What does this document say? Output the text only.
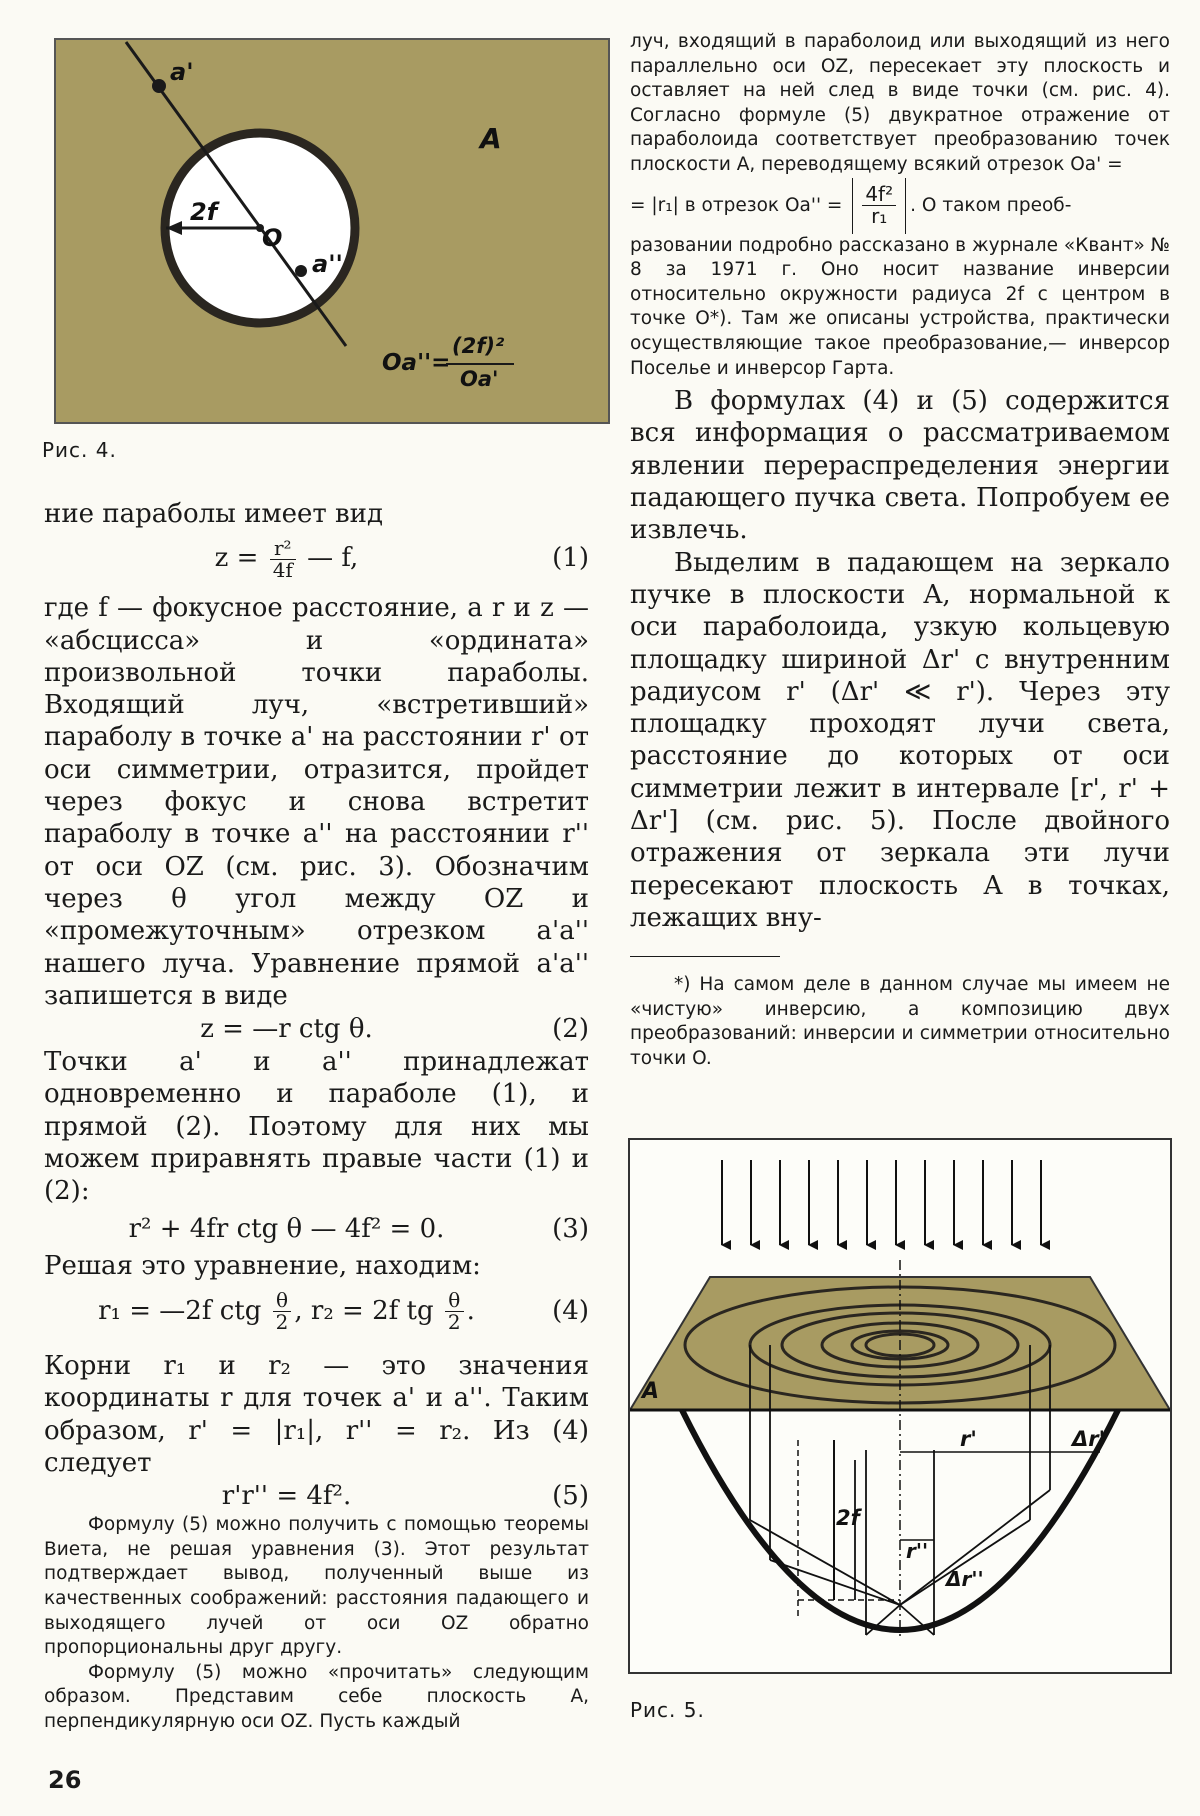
a'
a''
2f
O
A
Oa''=
(2f)²
Oa'
Рис. 4.

ние параболы имеет вид

$z = \frac{\text{r²}}{4f}$ — f,	(1)

где f — фокусное расстояние, а r и z — «абсцисса» и «ордината» произвольной точки параболы. Входящий луч, «встретивший» параболу в точке a' на расстоянии r' от оси симметрии, отразится, пройдет через фокус и снова встретит параболу в точке a'' на расстоянии r'' от оси OZ (см. рис. 3). Обозначим через θ угол между OZ и «промежуточным» отрезком a'a'' нашего луча. Уравнение прямой a'a'' запишется в виде

z = —r ctg θ.	(2)

Точки a' и a'' принадлежат одновременно и параболе (1), и прямой (2). Поэтому для них мы можем приравнять правые части (1) и (2):

r² + 4fr ctg θ — 4f² = 0.	(3)

Решая это уравнение, находим:

r₁ = —2f ctg $\frac{\theta}{2}$ , r₂ = 2f tg $\frac{\theta}{2}$ .	(4)

Корни r₁ и r₂ — это значения координаты r для точек a' и a''. Таким образом, r' = |r₁|, r'' = r₂. Из (4) следует

r'r'' = 4f².	(5)

Формулу (5) можно получить с помощью теоремы Виета, не решая уравнения (3). Этот результат подтверждает вывод, полученный выше из качественных соображений: расстояния падающего и выходящего лучей от оси OZ обратно пропорциональны друг другу.

Формулу (5) можно «прочитать» следующим образом. Представим себе плоскость A, перпендикулярную оси OZ. Пусть каждый

луч, входящий в параболоид или выходящий из него параллельно оси OZ, пересекает эту плоскость и оставляет на ней след в виде точки (см. рис. 4). Согласно формуле (5) двукратное отражение от параболоида соответствует преобразованию точек плоскости A, переводящему всякий отрезок Oa' =

= |r₁| в отрезок $Oa'' = \frac{\text{4f²}}{\text{r₁}}$ . О таком преоб-

разовании подробно рассказано в журнале «Квант» № 8 за 1971 г. Оно носит название инверсии относительно окружности радиуса 2f с центром в точке O*). Там же описаны устройства, практически осуществляющие такое преобразование,— инверсор Поселье и инверсор Гарта.

В формулах (4) и (5) содержится вся информация о рассматриваемом явлении перераспределения энергии падающего пучка света. Попробуем ее извлечь.

Выделим в падающем на зеркало пучке в плоскости A, нормальной к оси параболоида, узкую кольцевую площадку шириной Δr' с внутренним радиусом r' (Δr' ≪ r'). Через эту площадку проходят лучи света, расстояние до которых от оси симметрии лежит в интервале [r', r' + Δr'] (см. рис. 5). После двойного отражения от зеркала эти лучи пересекают плоскость A в точках, лежащих вну-

*) На самом деле в данном случае мы имеем не «чистую» инверсию, а композицию двух преобразований: инверсии и симметрии относительно точки O.

A
r'	Δr'
2f
r''
Δr''
Рис. 5.
26
